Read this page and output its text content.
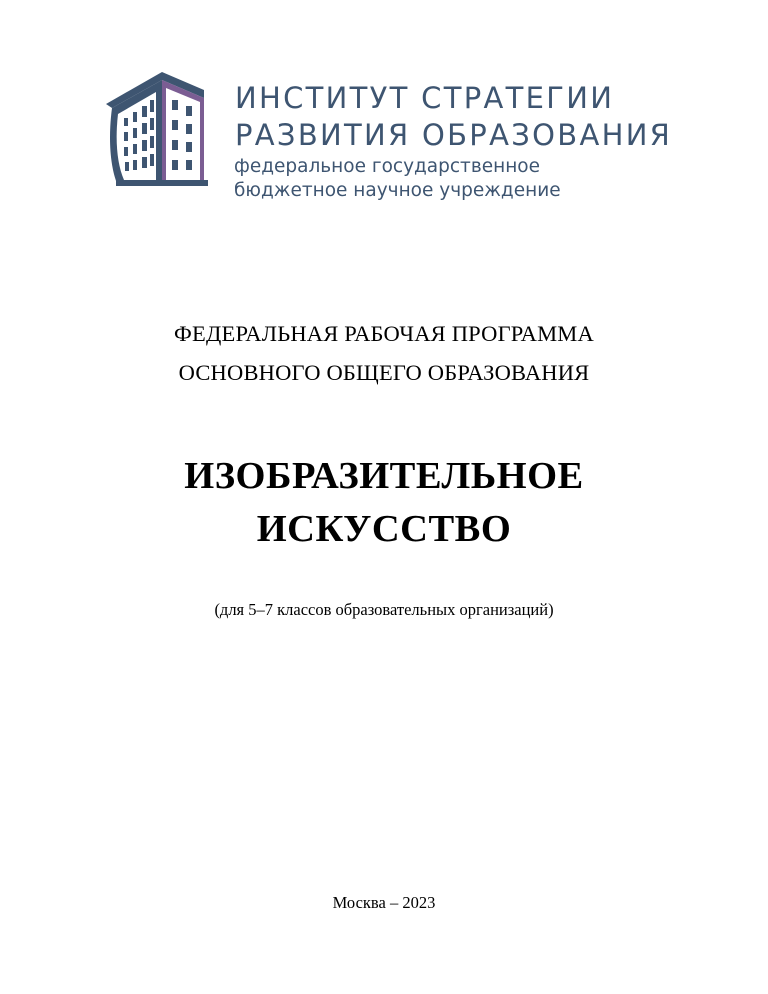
ИНСТИТУТ СТРАТЕГИИ
РАЗВИТИЯ ОБРАЗОВАНИЯ
федеральное государственное
бюджетное научное учреждение
ФЕДЕРАЛЬНАЯ РАБОЧАЯ ПРОГРАММА
ОСНОВНОГО ОБЩЕГО ОБРАЗОВАНИЯ
ИЗОБРАЗИТЕЛЬНОЕ
ИСКУССТВО
(для 5–7 классов образовательных организаций)
Москва – 2023
